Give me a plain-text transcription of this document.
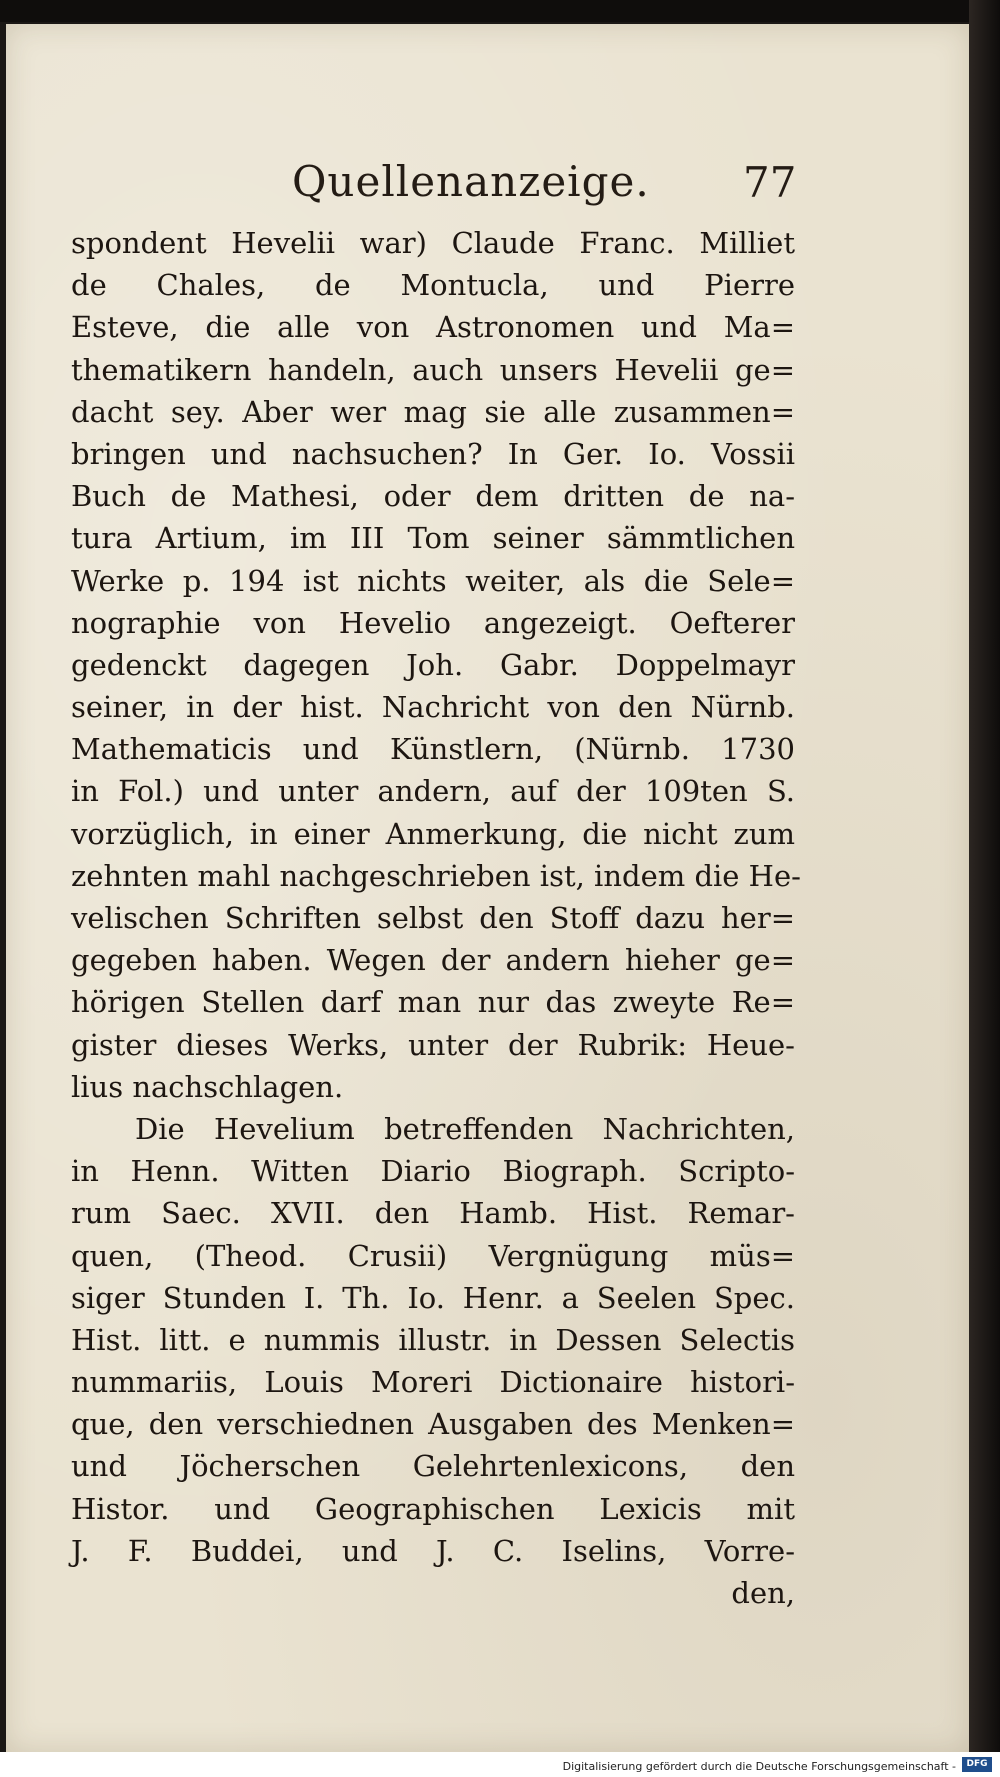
Quellenanzeige. 77
spondent Hevelii war) Claude Franc. Milliet
de Chales, de Montucla, und Pierre
Esteve, die alle von Astronomen und Ma=
thematikern handeln, auch unsers Hevelii ge=
dacht sey. Aber wer mag sie alle zusammen=
bringen und nachsuchen? In Ger. Io. Vossii
Buch de Mathesi, oder dem dritten de na-
tura Artium, im III Tom seiner sämmtlichen
Werke p. 194 ist nichts weiter, als die Sele=
nographie von Hevelio angezeigt. Oefterer
gedenckt dagegen Joh. Gabr. Doppelmayr
seiner, in der hist. Nachricht von den Nürnb.
Mathematicis und Künstlern, (Nürnb. 1730
in Fol.) und unter andern, auf der 109ten S.
vorzüglich, in einer Anmerkung, die nicht zum
zehnten mahl nachgeschrieben ist, indem die He-
velischen Schriften selbst den Stoff dazu her=
gegeben haben. Wegen der andern hieher ge=
hörigen Stellen darf man nur das zweyte Re=
gister dieses Werks, unter der Rubrik: Heue-
lius nachschlagen.
Die Hevelium betreffenden Nachrichten,
in Henn. Witten Diario Biograph. Scripto-
rum Saec. XVII. den Hamb. Hist. Remar-
quen, (Theod. Crusii) Vergnügung müs=
siger Stunden I. Th. Io. Henr. a Seelen Spec.
Hist. litt. e nummis illustr. in Dessen Selectis
nummariis, Louis Moreri Dictionaire histori-
que, den verschiednen Ausgaben des Menken=
und Jöcherschen Gelehrtenlexicons, den
Histor. und Geographischen Lexicis mit
J. F. Buddei, und J. C. Iselins, Vorre-
den,
Digitalisierung gefördert durch die Deutsche Forschungsgemeinschaft -	DFG
